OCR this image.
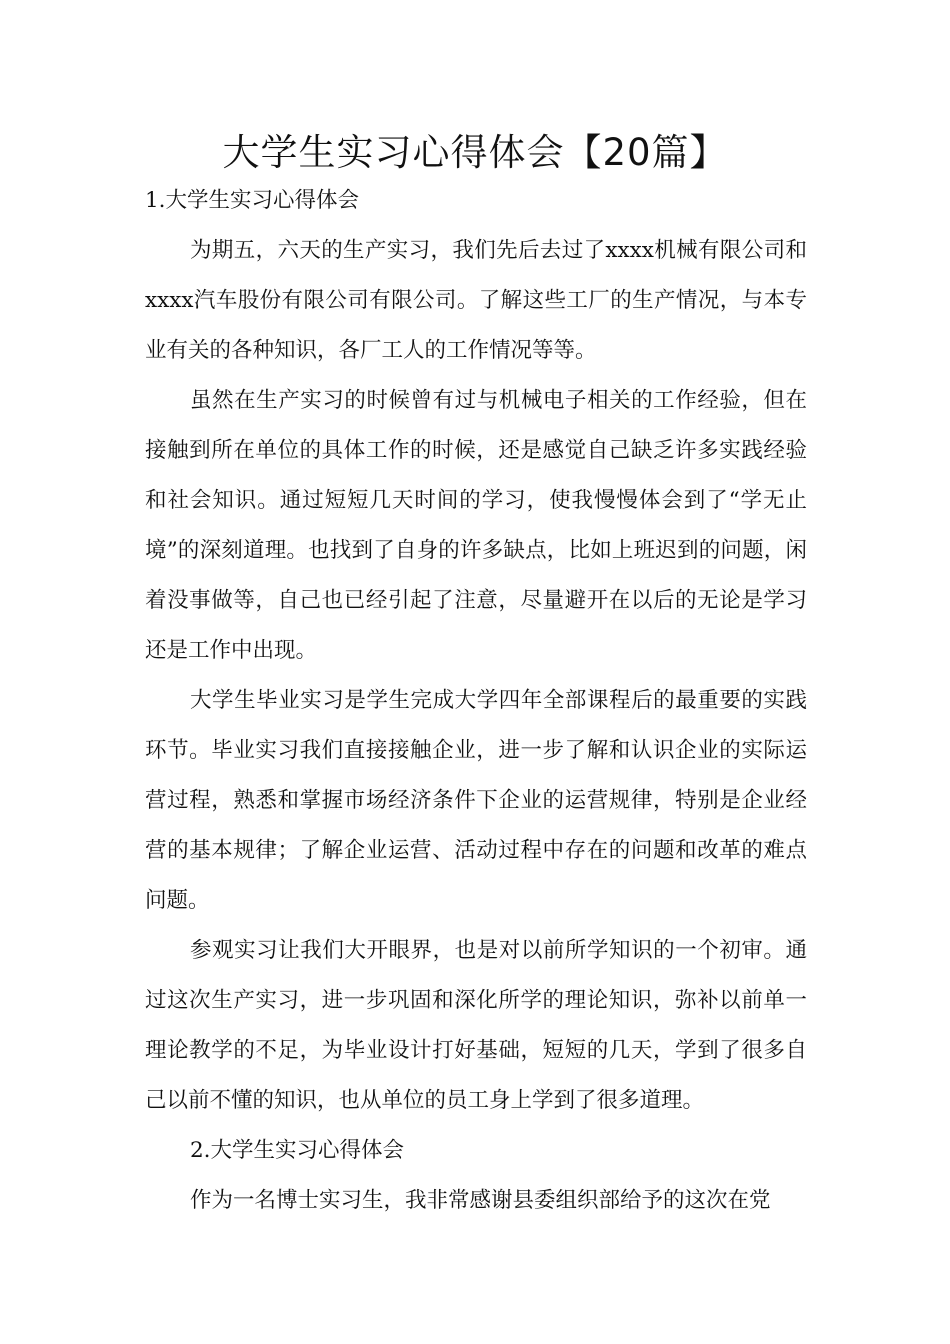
大学生实习心得体会【20篇】

1.大学生实习心得体会

为期五，六天的生产实习，我们先后去过了xxxx机械有限公司和xxxx汽车股份有限公司有限公司。了解这些工厂的生产情况，与本专业有关的各种知识，各厂工人的工作情况等等。

虽然在生产实习的时候曾有过与机械电子相关的工作经验，但在接触到所在单位的具体工作的时候，还是感觉自己缺乏许多实践经验和社会知识。通过短短几天时间的学习，使我慢慢体会到了“学无止境”的深刻道理。也找到了自身的许多缺点，比如上班迟到的问题，闲着没事做等，自己也已经引起了注意，尽量避开在以后的无论是学习还是工作中出现。

大学生毕业实习是学生完成大学四年全部课程后的最重要的实践环节。毕业实习我们直接接触企业，进一步了解和认识企业的实际运营过程，熟悉和掌握市场经济条件下企业的运营规律，特别是企业经营的基本规律；了解企业运营、活动过程中存在的问题和改革的难点问题。

参观实习让我们大开眼界，也是对以前所学知识的一个初审。通过这次生产实习，进一步巩固和深化所学的理论知识，弥补以前单一理论教学的不足，为毕业设计打好基础，短短的几天，学到了很多自己以前不懂的知识，也从单位的员工身上学到了很多道理。

2.大学生实习心得体会

作为一名博士实习生，我非常感谢县委组织部给予的这次在党
